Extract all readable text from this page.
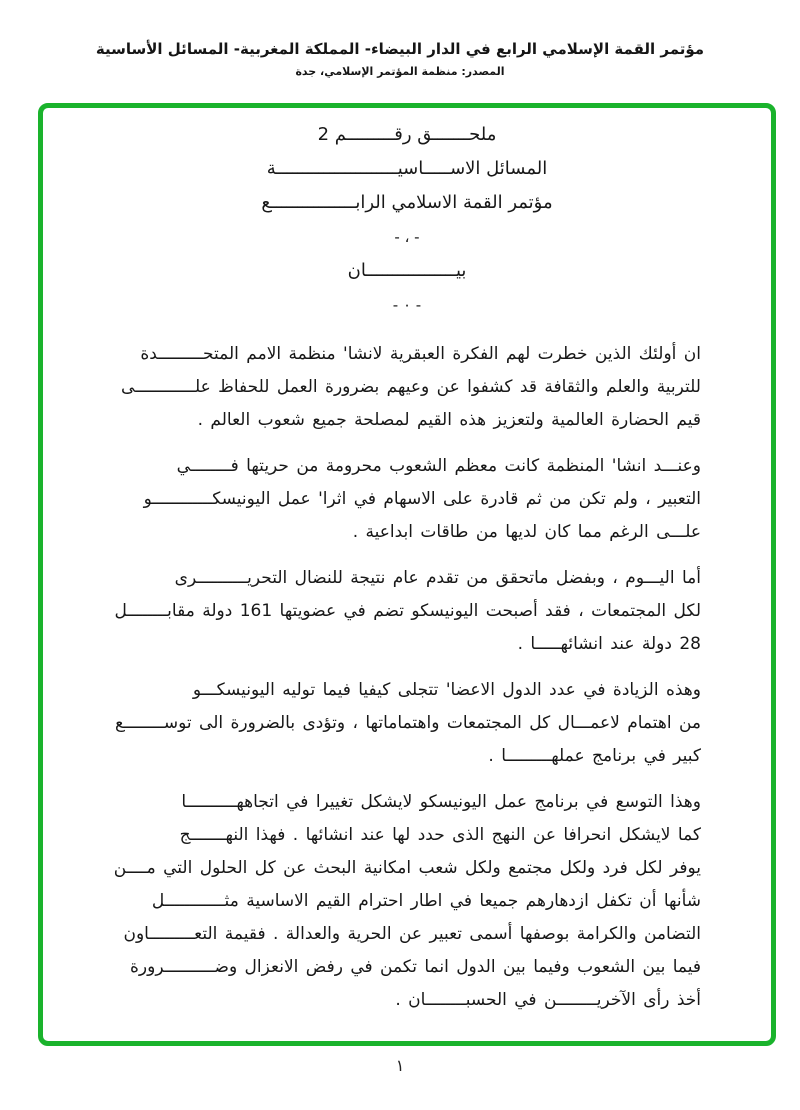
مؤتمر القمة الإسلامي الرابع في الدار البيضاء- المملكة المغربية- المسائل الأساسية
المصدر: منظمة المؤتمر الإسلامي، جدة
ملحـــــــق رقـــــــــم 2
المسائل الاســـــاسيـــــــــــــــــــــــة
مؤتمر القمة الاسلامي الرابــــــــــــــــع
- ، -
بيـــــــــــــــــان
- ٠ -

ان أولئك الذين خطرت لهم الفكرة العبقرية لانشا' منظمة الامم المتحـــــــــدة
للتربية والعلم والثقافة قد كشفوا عن وعيهم بضرورة العمل للحفاظ علــــــــــــى
قيم الحضارة العالمية ولتعزيز هذه القيم لمصلحة جميع شعوب العالم .

وعنـــد انشا' المنظمة كانت معظم الشعوب محرومة من حريتها فــــــــي
التعبير ، ولم تكن من ثم قادرة على الاسهام في اثرا' عمل اليونيسكــــــــــــو
علـــى الرغم مما كان لديها من طاقات ابداعية .

أما اليـــوم ، وبفضل ماتحقق من تقدم عام نتيجة للنضال التحريــــــــــرى
لكل المجتمعات ، فقد أصبحت اليونيسكو تضم في عضويتها 161 دولة مقابــــــــل
28 دولة عند انشائهـــــا .

وهذه الزيادة في عدد الدول الاعضا' تتجلى كيفيا فيما توليه اليونيسكـــو
من اهتمام لاعمـــال كل المجتمعات واهتماماتها ، وتؤدى بالضرورة الى توســــــــع
كبير في برنامج عملهـــــــــا .

وهذا التوسع في برنامج عمل اليونيسكو لايشكل تغييرا في اتجاههــــــــــا
كما لايشكل انحرافا عن النهج الذى حدد لها عند انشائها . فهذا النهـــــــج
يوفر لكل فرد ولكل مجتمع ولكل شعب امكانية البحث عن كل الحلول التي مــــن
شأنها أن تكفل ازدهارهم جميعا في اطار احترام القيم الاساسية مثــــــــــــل
التضامن والكرامة بوصفها أسمى تعبير عن الحرية والعدالة . فقيمة التعـــــــــاون
فيما بين الشعوب وفيما بين الدول انما تكمن في رفض الانعزال وضــــــــــرورة
أخذ رأى الآخريــــــــن في الحسبــــــــان .

١
